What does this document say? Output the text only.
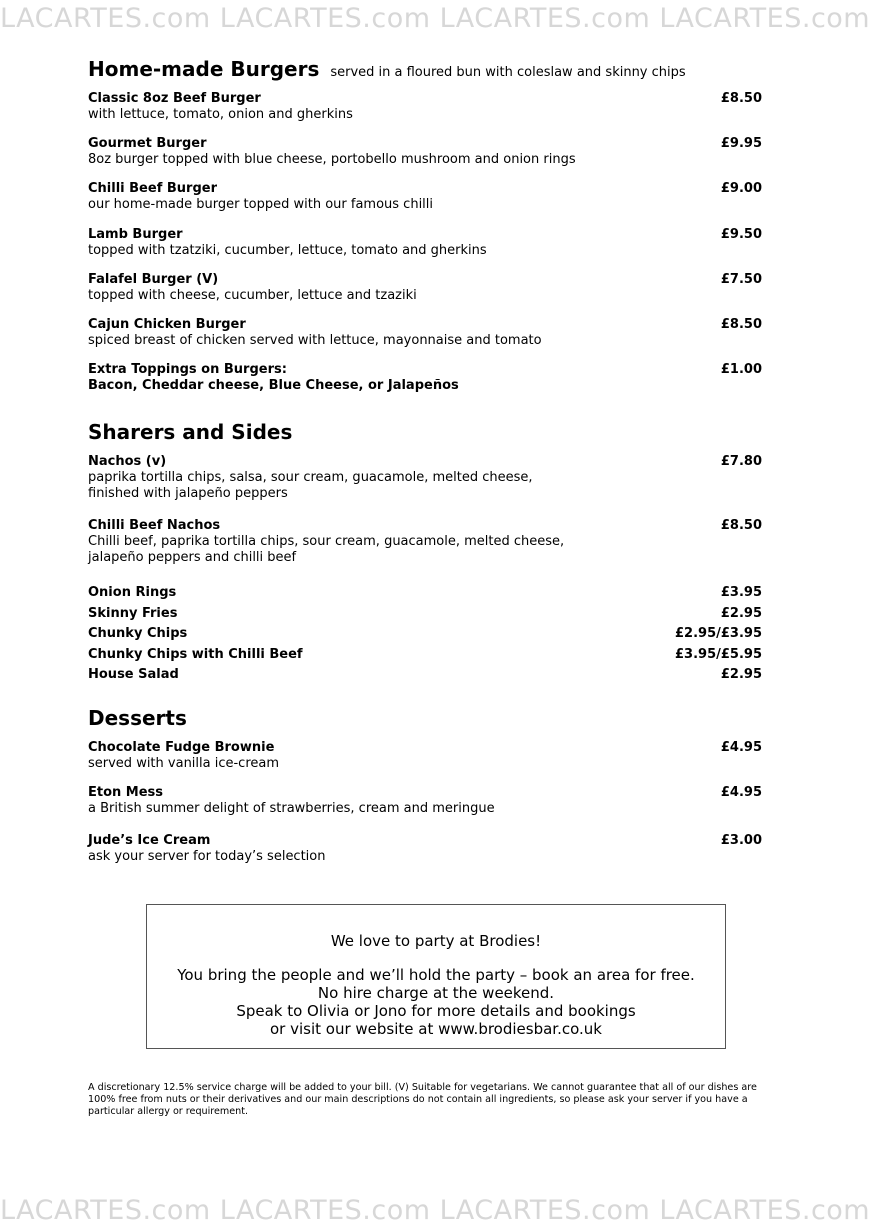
LACARTES.com LACARTES.com LACARTES.com LACARTES.com
Home-made Burgers served in a floured bun with coleslaw and skinny chips
Classic 8oz Beef Burger
with lettuce, tomato, onion and gherkins
£8.50
Gourmet Burger
8oz burger topped with blue cheese, portobello mushroom and onion rings
£9.95
Chilli Beef Burger
our home-made burger topped with our famous chilli
£9.00
Lamb Burger
topped with tzatziki, cucumber, lettuce, tomato and gherkins
£9.50
Falafel Burger (V)
topped with cheese, cucumber, lettuce and tzaziki
£7.50
Cajun Chicken Burger
spiced breast of chicken served with lettuce, mayonnaise and tomato
£8.50
Extra Toppings on Burgers:
Bacon, Cheddar cheese, Blue Cheese, or Jalapeños
£1.00
Sharers and Sides
Nachos (v)
paprika tortilla chips, salsa, sour cream, guacamole, melted cheese,
finished with jalapeño peppers
£7.80
Chilli Beef Nachos
Chilli beef, paprika tortilla chips, sour cream, guacamole, melted cheese,
jalapeño peppers and chilli beef
£8.50
Onion Rings	£3.95
Skinny Fries	£2.95
Chunky Chips	£2.95/£3.95
Chunky Chips with Chilli Beef	£3.95/£5.95
House Salad	£2.95
Desserts
Chocolate Fudge Brownie
served with vanilla ice-cream
£4.95
Eton Mess
a British summer delight of strawberries, cream and meringue
£4.95
Jude’s Ice Cream
ask your server for today’s selection
£3.00
We love to party at Brodies!
You bring the people and we’ll hold the party – book an area for free.
No hire charge at the weekend.
Speak to Olivia or Jono for more details and bookings
or visit our website at www.brodiesbar.co.uk
A discretionary 12.5% service charge will be added to your bill. (V) Suitable for vegetarians. We cannot guarantee that all of our dishes are 100% free from nuts or their derivatives and our main descriptions do not contain all ingredients, so please ask your server if you have a particular allergy or requirement.
LACARTES.com LACARTES.com LACARTES.com LACARTES.com
